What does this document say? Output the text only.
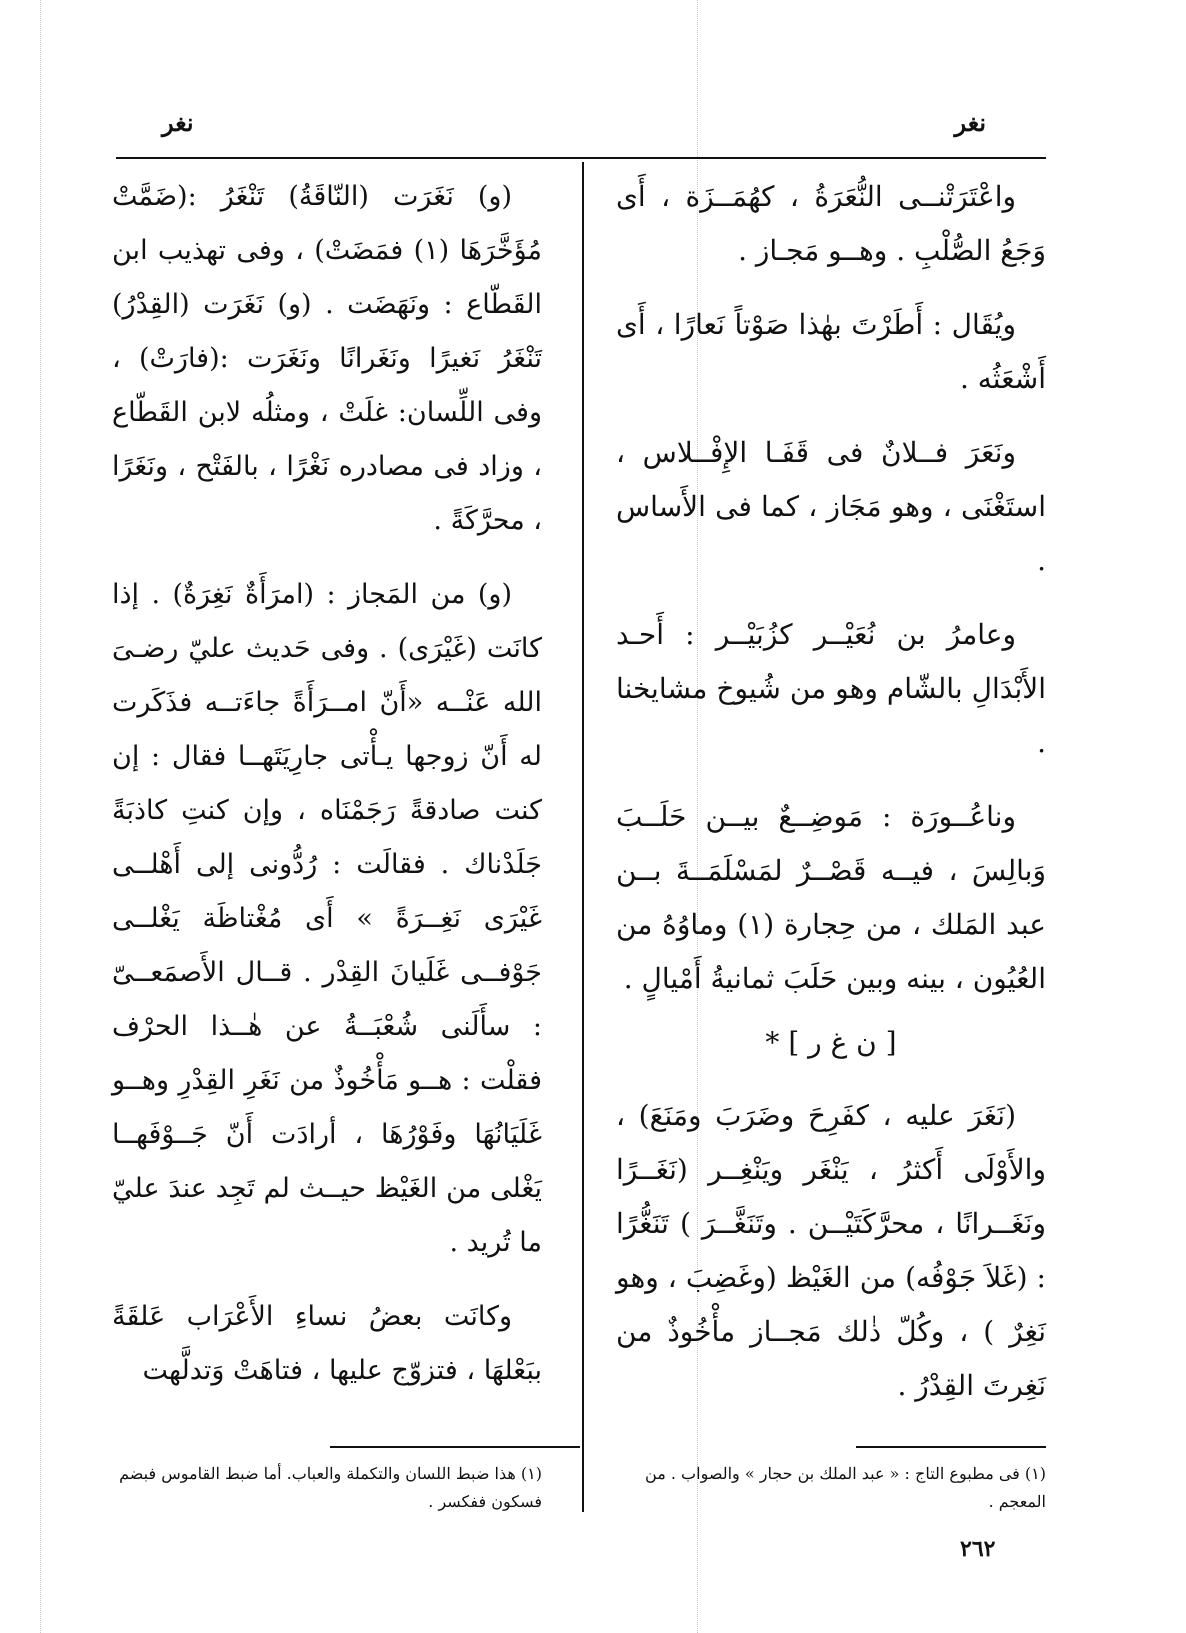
نغر
نغر

واعْتَرَتْنــى النُّعَرَةُ ، كهُمَــزَة ، أَى وَجَعُ الصُّلْبِ . وهــو مَجـاز .

ويُقَال : أَطَرْتَ بهٰذا صَوْتاً نَعارًا ، أَى أَشْعَثُه .

ونَعَرَ فــلانٌ فى قَفَـا الإِفْــلاس ، استَغْنَى ، وهو مَجَاز ، كما فى الأَساس .

وعامرُ بن نُعَيْــر كزُبَيْــر : أَحـد الأَبْدَالِ بالشّام وهو من شُيوخ مشايخنا .

وناعُــورَة : مَوضِــعٌ بيــن حَلَــبَ وَبالِسَ ، فيــه قَصْــرٌ لمَسْلَمَــةَ بــن عبد المَلك ، من حِجارة (١) وماوُهُ من العُيُون ، بينه وبين حَلَبَ ثمانيةُ أَمْيالٍ .

[ ن غ ر ] *

(نَغَرَ عليه ، كفَرِحَ وضَرَبَ ومَنَعَ) ، والأَوْلَى أَكثرُ ، يَنْغَر ويَنْغِــر (نَغَــرًا ونَغَــرانًا ، محرَّكَتَيْــن . وتَنَغَّــرَ ) تَنَغُّرًا : (غَلاَ جَوْفُه) من الغَيْظ (وغَضِبَ ، وهو نَغِرٌ ) ، وكُلّ ذٰلك مَجــاز مأْخُوذٌ من نَغِرتَ القِدْرُ .

(و) نَغَرَت (النّاقَةُ) تَنْغَرُ :(ضَمَّتْ مُؤَخَّرَهَا (١) فمَضَتْ) ، وفى تهذيب ابن القَطّاع : ونَهَضَت . (و) نَغَرَت (القِدْرُ) تَنْغَرُ نَغيرًا ونَغَرانًا ونَغَرَت :(فارَتْ) ، وفى اللِّسان: غلَتْ ، ومثلُه لابن القَطّاع ، وزاد فى مصادره نَغْرًا ، بالفَتْح ، ونَغَرًا ، محرَّكَةً .

(و) من المَجاز : (امرَأَةٌ نَغِرَةٌ) . إذا كانَت (غَيْرَى) . وفى حَديث عليّ رضـىَ الله عَنْــه «أَنّ امــرَأَةً جاءَتــه فذَكَرت له أَنّ زوجها يـأْتى جارِيَتَهــا فقال : إن كنت صادقةً رَجَمْنَاه ، وإن كنتِ كاذبَةً جَلَدْناك . فقالَت : رُدُّونى إلى أَهْلــى غَيْرَى نَغِــرَةً » أَى مُغْتاظَة يَغْلــى جَوْفــى غَلَيانَ القِدْر . قــال الأَصمَعــىّ : سأَلَنى شُعْبَــةُ عن هٰــذا الحرْف فقلْت : هــو مَأْخُوذٌ من نَغَرِ القِدْرِ وهــو غَلَيَانُهَا وفَوْرُهَا ، أرادَت أَنّ جَــوْفَهــا يَغْلى من الغَيْظ حيــث لم تَجِد عندَ عليّ ما تُريد .

وكانَت بعضُ نساءِ الأَعْرَاب عَلقَةً ببَعْلهَا ، فتزوّج عليها ، فتاهَتْ وَتدلَّهت

(١) فى مطبوع التاج : « عبد الملك بن حجار » والصواب . من المعجم .
(١) هذا ضبط اللسان والتكملة والعباب. أما ضبط القاموس فبضم فسكون ففكسر .
٢٦٢
